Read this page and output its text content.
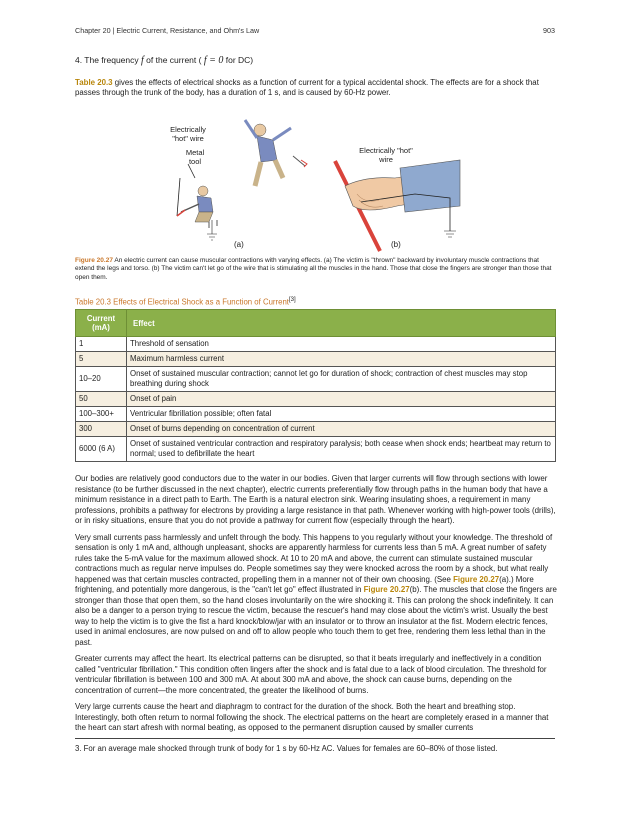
Chapter 20 | Electric Current, Resistance, and Ohm's Law	903
4. The frequency f of the current ( f = 0 for DC)
Table 20.3 gives the effects of electrical shocks as a function of current for a typical accidental shock. The effects are for a shock that passes through the trunk of the body, has a duration of 1 s, and is caused by 60-Hz power.
Electrically "hot" wire
Metal tool
Electrically "hot" wire
(a)	(b)
Figure 20.27 An electric current can cause muscular contractions with varying effects. (a) The victim is "thrown" backward by involuntary muscle contractions that extend the legs and torso. (b) The victim can't let go of the wire that is stimulating all the muscles in the hand. Those that close the fingers are stronger than those that open them.
Table 20.3 Effects of Electrical Shock as a Function of Current[3]
Current (mA)	Effect
1	Threshold of sensation
5	Maximum harmless current
10–20	Onset of sustained muscular contraction; cannot let go for duration of shock; contraction of chest muscles may stop breathing during shock
50	Onset of pain
100–300+	Ventricular fibrillation possible; often fatal
300	Onset of burns depending on concentration of current
6000 (6 A)	Onset of sustained ventricular contraction and respiratory paralysis; both cease when shock ends; heartbeat may return to normal; used to defibrillate the heart

Our bodies are relatively good conductors due to the water in our bodies. Given that larger currents will flow through sections with lower resistance (to be further discussed in the next chapter), electric currents preferentially flow through paths in the human body that have a minimum resistance in a direct path to Earth. The Earth is a natural electron sink. Wearing insulating shoes, a requirement in many professions, prohibits a pathway for electrons by providing a large resistance in that path. Whenever working with high-power tools (drills), or in risky situations, ensure that you do not provide a pathway for current flow (especially through the heart).

Very small currents pass harmlessly and unfelt through the body. This happens to you regularly without your knowledge. The threshold of sensation is only 1 mA and, although unpleasant, shocks are apparently harmless for currents less than 5 mA. A great number of safety rules take the 5-mA value for the maximum allowed shock. At 10 to 20 mA and above, the current can stimulate sustained muscular contractions much as regular nerve impulses do. People sometimes say they were knocked across the room by a shock, but what really happened was that certain muscles contracted, propelling them in a manner not of their own choosing. (See Figure 20.27(a).) More frightening, and potentially more dangerous, is the "can't let go" effect illustrated in Figure 20.27(b). The muscles that close the fingers are stronger than those that open them, so the hand closes involuntarily on the wire shocking it. This can prolong the shock indefinitely. It can also be a danger to a person trying to rescue the victim, because the rescuer's hand may close about the victim's wrist. Usually the best way to help the victim is to give the fist a hard knock/blow/jar with an insulator or to throw an insulator at the fist. Modern electric fences, used in animal enclosures, are now pulsed on and off to allow people who touch them to get free, rendering them less lethal than in the past.

Greater currents may affect the heart. Its electrical patterns can be disrupted, so that it beats irregularly and ineffectively in a condition called "ventricular fibrillation." This condition often lingers after the shock and is fatal due to a lack of blood circulation. The threshold for ventricular fibrillation is between 100 and 300 mA. At about 300 mA and above, the shock can cause burns, depending on the concentration of current—the more concentrated, the greater the likelihood of burns.

Very large currents cause the heart and diaphragm to contract for the duration of the shock. Both the heart and breathing stop. Interestingly, both often return to normal following the shock. The electrical patterns on the heart are completely erased in a manner that the heart can start afresh with normal beating, as opposed to the permanent disruption caused by smaller currents

3. For an average male shocked through trunk of body for 1 s by 60-Hz AC. Values for females are 60–80% of those listed.
